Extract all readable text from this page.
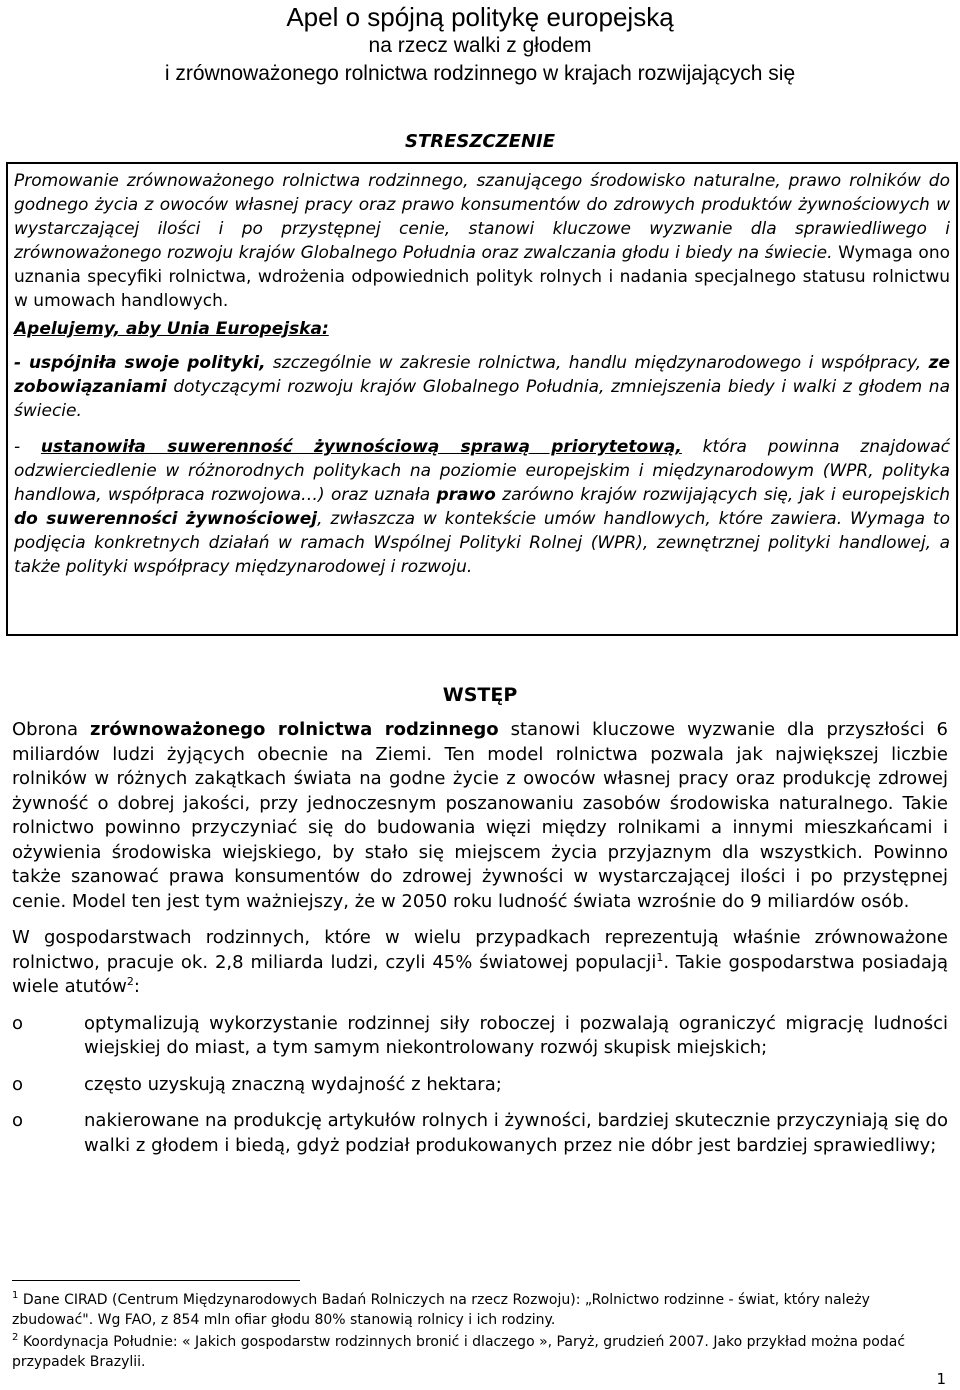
Apel o spójną politykę europejską
na rzecz walki z głodem
i zrównoważonego rolnictwa rodzinnego w krajach rozwijających się
STRESZCZENIE

Promowanie zrównoważonego rolnictwa rodzinnego, szanującego środowisko naturalne, prawo rolników do godnego życia z owoców własnej pracy oraz prawo konsumentów do zdrowych produktów żywnościowych w wystarczającej ilości i po przystępnej cenie, stanowi kluczowe wyzwanie dla sprawiedliwego i zrównoważonego rozwoju krajów Globalnego Południa oraz zwalczania głodu i biedy na świecie. Wymaga ono uznania specyfiki rolnictwa, wdrożenia odpowiednich polityk rolnych i nadania specjalnego statusu rolnictwu w umowach handlowych.

Apelujemy, aby Unia Europejska:

- uspójniła swoje polityki, szczególnie w zakresie rolnictwa, handlu międzynarodowego i współpracy, ze zobowiązaniami dotyczącymi rozwoju krajów Globalnego Południa, zmniejszenia biedy i walki z głodem na świecie.

- ustanowiła suwerenność żywnościową sprawą priorytetową, która powinna znajdować odzwierciedlenie w różnorodnych politykach na poziomie europejskim i międzynarodowym (WPR, polityka handlowa, współpraca rozwojowa…) oraz uznała prawo zarówno krajów rozwijających się, jak i europejskich do suwerenności żywnościowej, zwłaszcza w kontekście umów handlowych, które zawiera. Wymaga to podjęcia konkretnych działań w ramach Wspólnej Polityki Rolnej (WPR), zewnętrznej polityki handlowej, a także polityki współpracy międzynarodowej i rozwoju.

WSTĘP

Obrona zrównoważonego rolnictwa rodzinnego stanowi kluczowe wyzwanie dla przyszłości 6 miliardów ludzi żyjących obecnie na Ziemi. Ten model rolnictwa pozwala jak największej liczbie rolników w różnych zakątkach świata na godne życie z owoców własnej pracy oraz produkcję zdrowej żywność o dobrej jakości, przy jednoczesnym poszanowaniu zasobów środowiska naturalnego. Takie rolnictwo powinno przyczyniać się do budowania więzi między rolnikami a innymi mieszkańcami i ożywienia środowiska wiejskiego, by stało się miejscem życia przyjaznym dla wszystkich. Powinno także szanować prawa konsumentów do zdrowej żywności w wystarczającej ilości i po przystępnej cenie. Model ten jest tym ważniejszy, że w 2050 roku ludność świata wzrośnie do 9 miliardów osób.

W gospodarstwach rodzinnych, które w wielu przypadkach reprezentują właśnie zrównoważone rolnictwo, pracuje ok. 2,8 miliarda ludzi, czyli 45% światowej populacji$^1$. Takie gospodarstwa posiadają wiele atutów$^2$:

o	optymalizują wykorzystanie rodzinnej siły roboczej i pozwalają ograniczyć migrację ludności wiejskiej do miast, a tym samym niekontrolowany rozwój skupisk miejskich;
o	często uzyskują znaczną wydajność z hektara;
o	nakierowane na produkcję artykułów rolnych i żywności, bardziej skutecznie przyczyniają się do walki z głodem i biedą, gdyż podział produkowanych przez nie dóbr jest bardziej sprawiedliwy;

$^1$ Dane CIRAD (Centrum Międzynarodowych Badań Rolniczych na rzecz Rozwoju): „Rolnictwo rodzinne - świat, który należy zbudować". Wg FAO, z 854 mln ofiar głodu 80% stanowią rolnicy i ich rodziny.

$^2$ Koordynacja Południe: « Jakich gospodarstw rodzinnych bronić i dlaczego », Paryż, grudzień 2007. Jako przykład można podać przypadek Brazylii.

1
